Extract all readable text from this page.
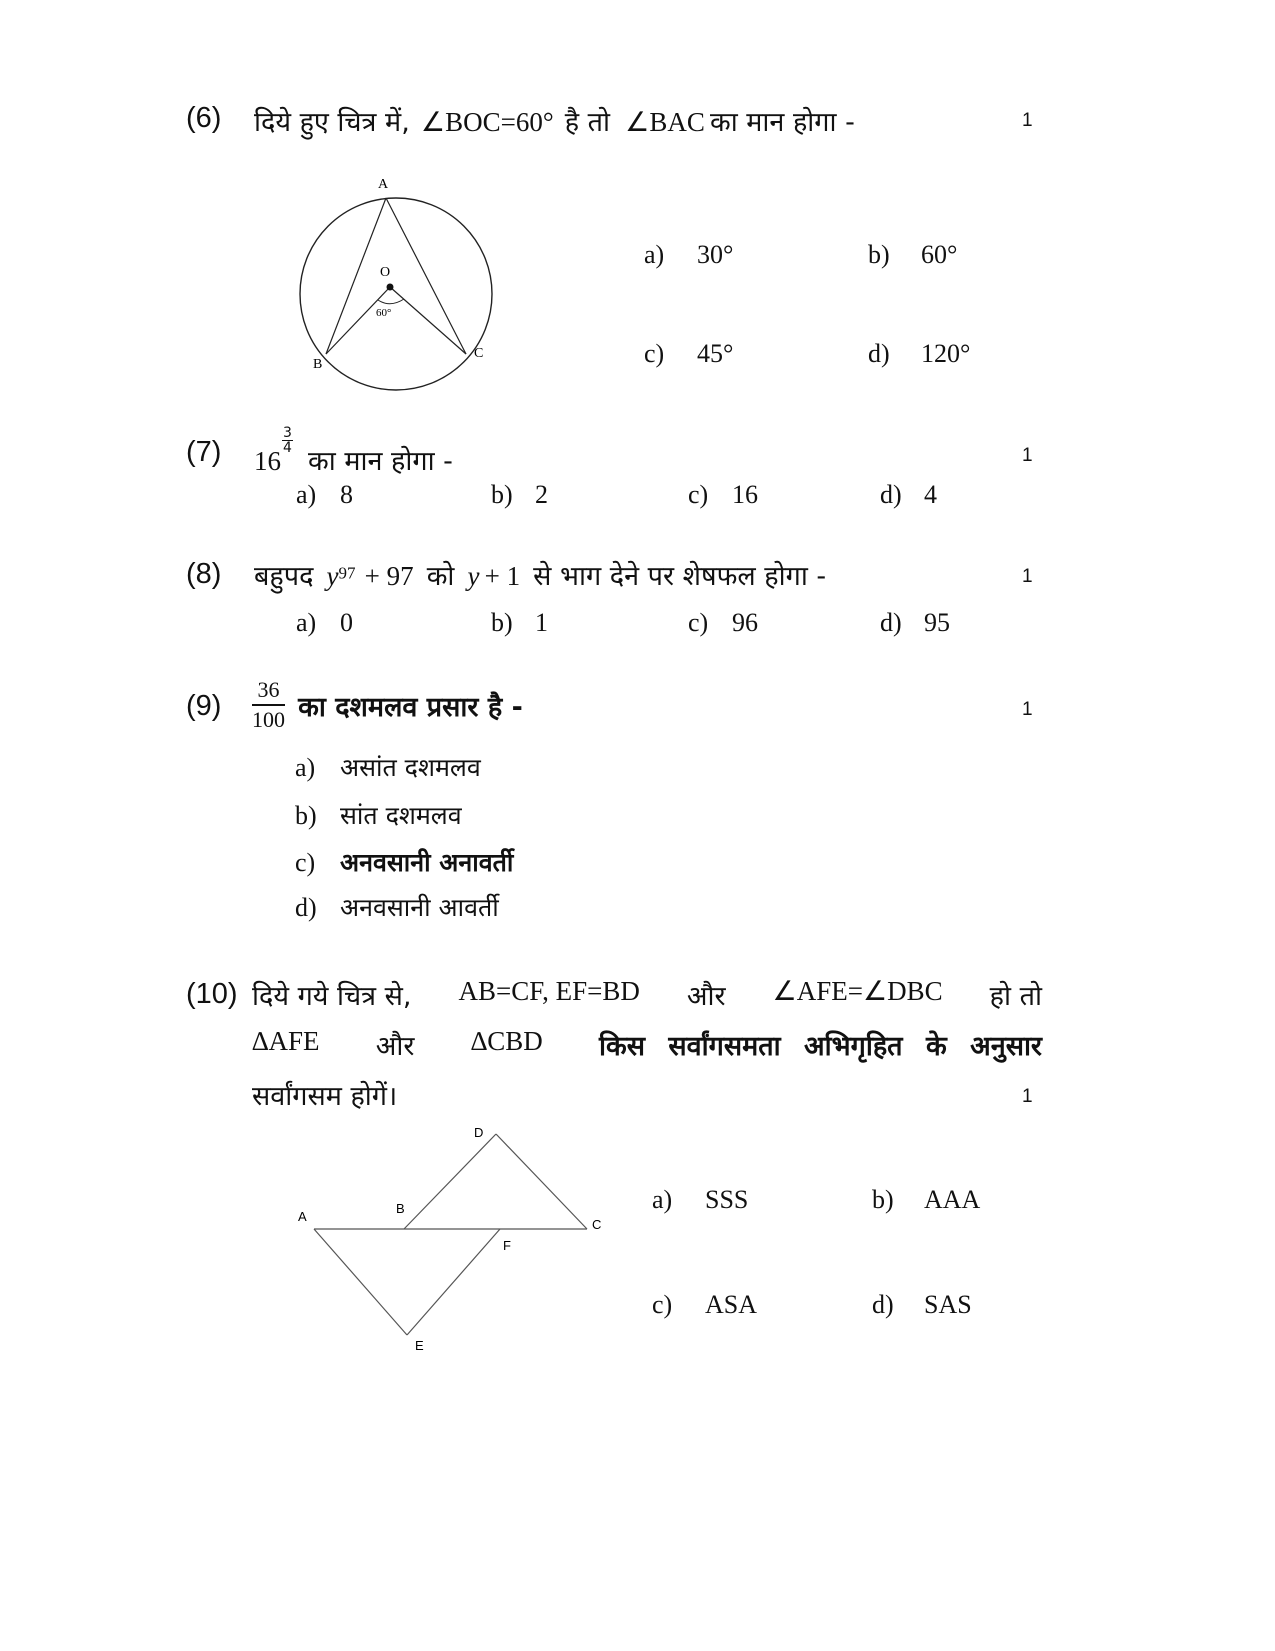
(6) दिये हुए चित्र में, ∠BOC=60° है तो ∠BAC का मान होगा -	1
A
O
60°
B
C
a) 30°	b) 60°
c) 45°	d) 120°
(7) 16
$\frac{3}{4}$
का मान होगा -	1
a) 8	b) 2	c) 16	d) 4
(8) बहुपद $y^{97} + 97$ को y + 1 से भाग देने पर शेषफल होगा -	1
a) 0	b) 1	c) 96	d) 95
$(9) \frac{36}{100}$ का दशमलव प्रसार है -	1
a) असांत दशमलव
b) सांत दशमलव
c) अनवसानी अनावर्ती
d) अनवसानी आवर्ती
(10) दिये गये चित्र से, AB=CF, EF=BD और ∠AFE=∠DBC हो तो
∆AFE और ∆CBD किस सर्वांगसमता अभिगृहित के अनुसार
सर्वांगसम होगें।	1
A
B
C
D
E
F
a) SSS	b) AAA
c) ASA	d) SAS
